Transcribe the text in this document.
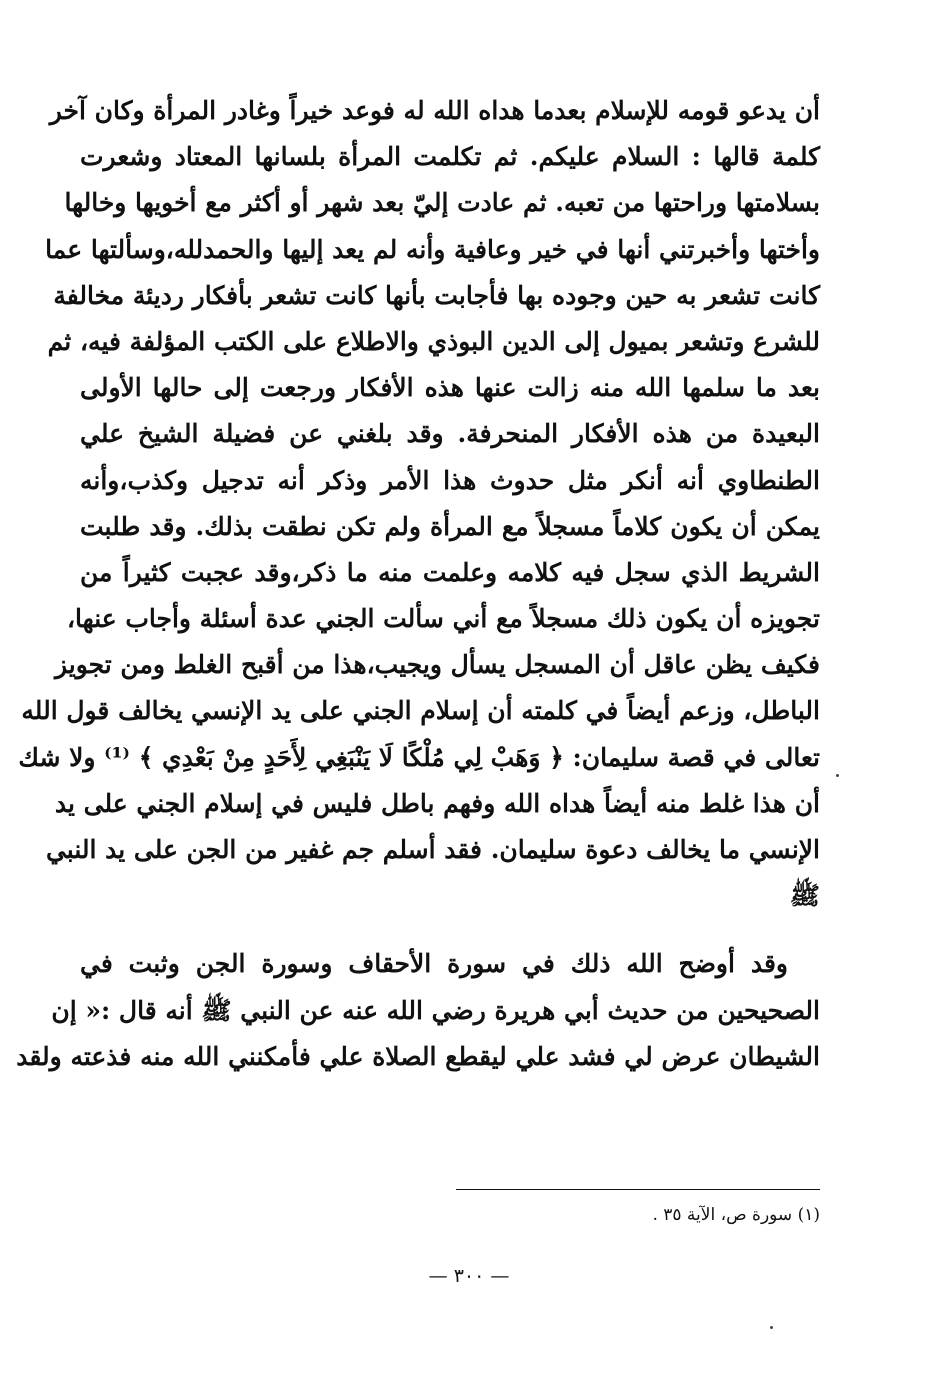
أن يدعو قومه للإسلام بعدما هداه الله له فوعد خيراً وغادر المرأة وكان آخر
كلمة قالها : السلام عليكم. ثم تكلمت المرأة بلسانها المعتاد وشعرت
بسلامتها وراحتها من تعبه. ثم عادت إليّ بعد شهر أو أكثر مع أخويها وخالها
وأختها وأخبرتني أنها في خير وعافية وأنه لم يعد إليها والحمدلله،وسألتها عما
كانت تشعر به حين وجوده بها فأجابت بأنها كانت تشعر بأفكار رديئة مخالفة
للشرع وتشعر بميول إلى الدين البوذي والاطلاع على الكتب المؤلفة فيه، ثم
بعد ما سلمها الله منه زالت عنها هذه الأفكار ورجعت إلى حالها الأولى
البعيدة من هذه الأفكار المنحرفة. وقد بلغني عن فضيلة الشيخ علي
الطنطاوي أنه أنكر مثل حدوث هذا الأمر وذكر أنه تدجيل وكذب،وأنه
يمكن أن يكون كلاماً مسجلاً مع المرأة ولم تكن نطقت بذلك. وقد طلبت
الشريط الذي سجل فيه كلامه وعلمت منه ما ذكر،وقد عجبت كثيراً من
تجويزه أن يكون ذلك مسجلاً مع أني سألت الجني عدة أسئلة وأجاب عنها،
فكيف يظن عاقل أن المسجل يسأل ويجيب،هذا من أقبح الغلط ومن تجويز
الباطل، وزعم أيضاً في كلمته أن إسلام الجني على يد الإنسي يخالف قول الله
تعالى في قصة سليمان: ﴿ وَهَبْ لِي مُلْكًا لَا يَنْبَغِي لِأَحَدٍ مِنْ بَعْدِي ﴾ ⁽¹⁾ ولا شك
أن هذا غلط منه أيضاً هداه الله وفهم باطل فليس في إسلام الجني على يد
الإنسي ما يخالف دعوة سليمان. فقد أسلم جم غفير من الجن على يد النبي
ﷺ
وقد أوضح الله ذلك في سورة الأحقاف وسورة الجن وثبت في
الصحيحين من حديث أبي هريرة رضي الله عنه عن النبي ﷺ أنه قال :« إن
الشيطان عرض لي فشد علي ليقطع الصلاة علي فأمكنني الله منه فذعته ولقد
(١) سورة ص، الآية ٣٥ .
— ٣٠٠ —
